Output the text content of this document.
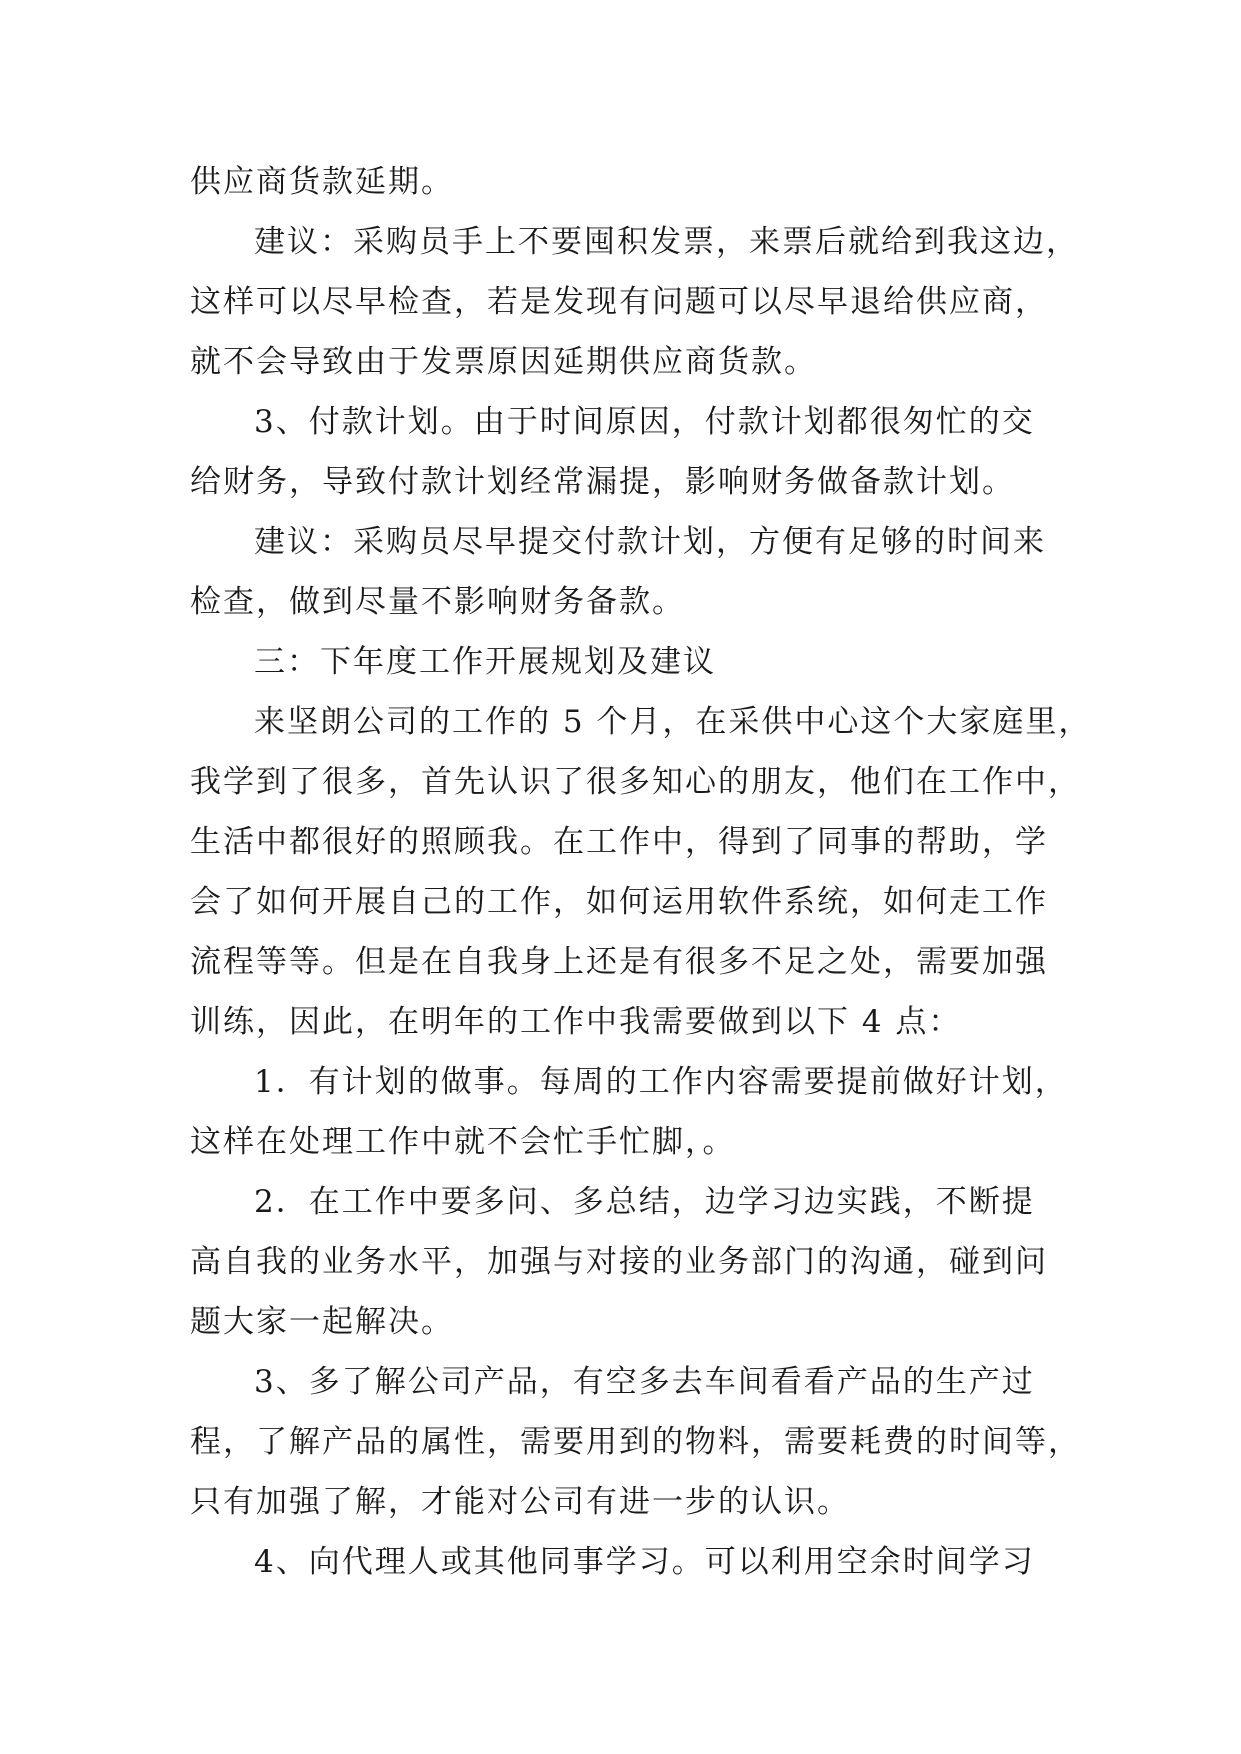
供应商货款延期。
建议：采购员手上不要囤积发票，来票后就给到我这边，
这样可以尽早检查，若是发现有问题可以尽早退给供应商，
就不会导致由于发票原因延期供应商货款。
3、付款计划。由于时间原因，付款计划都很匆忙的交
给财务，导致付款计划经常漏提，影响财务做备款计划。
建议：采购员尽早提交付款计划，方便有足够的时间来
检查，做到尽量不影响财务备款。
三：下年度工作开展规划及建议
来坚朗公司的工作的 5 个月，在采供中心这个大家庭里，
我学到了很多，首先认识了很多知心的朋友，他们在工作中，
生活中都很好的照顾我。在工作中，得到了同事的帮助，学
会了如何开展自己的工作，如何运用软件系统，如何走工作
流程等等。但是在自我身上还是有很多不足之处，需要加强
训练，因此，在明年的工作中我需要做到以下 4 点：
1．有计划的做事。每周的工作内容需要提前做好计划，
这样在处理工作中就不会忙手忙脚，。
2．在工作中要多问、多总结，边学习边实践，不断提
高自我的业务水平，加强与对接的业务部门的沟通，碰到问
题大家一起解决。
3、多了解公司产品，有空多去车间看看产品的生产过
程，了解产品的属性，需要用到的物料，需要耗费的时间等，
只有加强了解，才能对公司有进一步的认识。
4、向代理人或其他同事学习。可以利用空余时间学习
